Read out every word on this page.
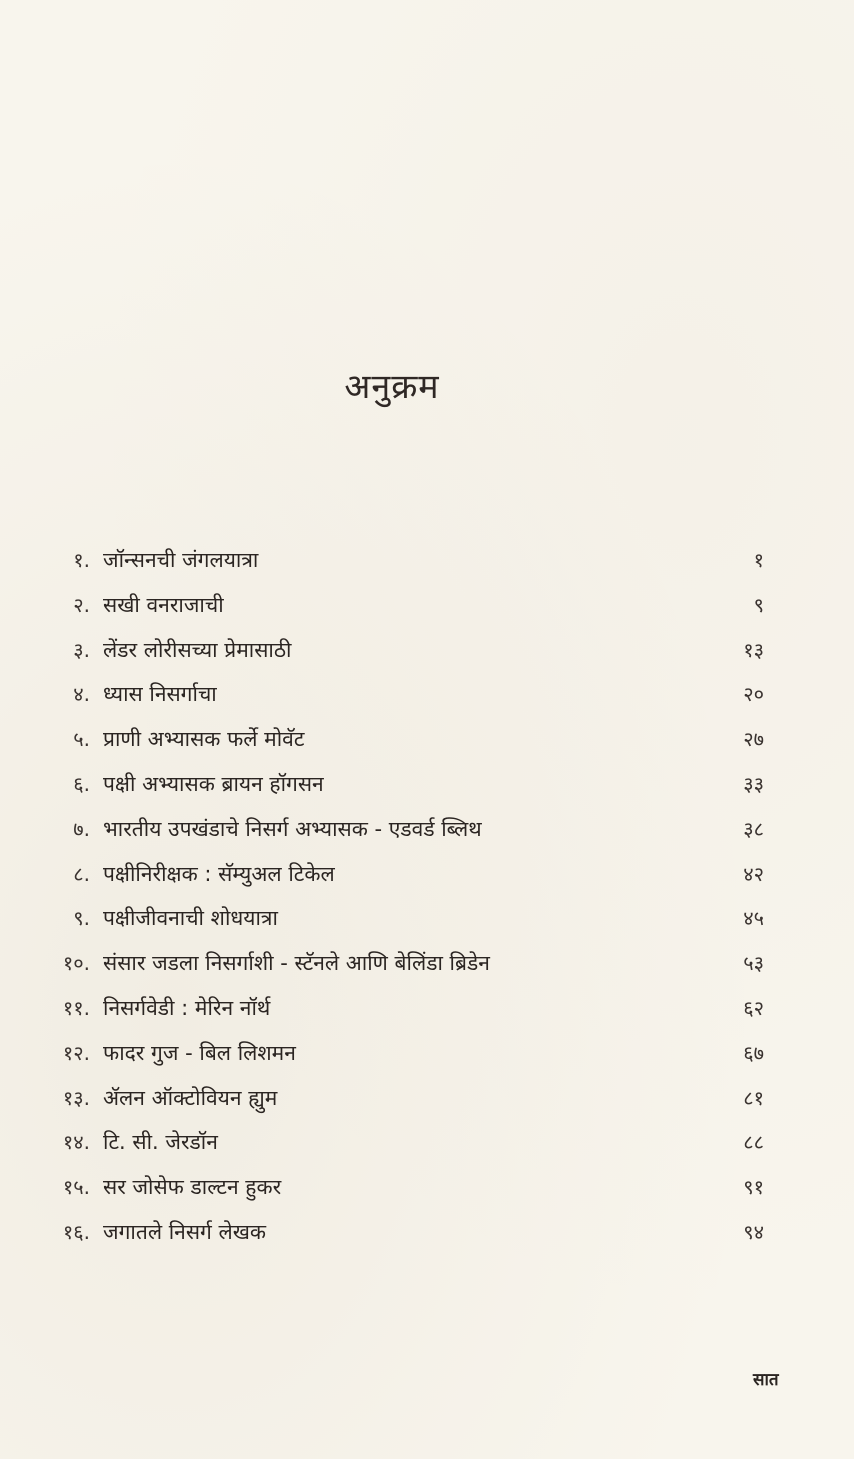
अनुक्रम
१. जॉन्सनची जंगलयात्रा	१
२. सखी वनराजाची	९
३. लेंडर लोरीसच्या प्रेमासाठी	१३
४. ध्यास निसर्गाचा	२०
५. प्राणी अभ्यासक फर्ले मोवॅट	२७
६. पक्षी अभ्यासक ब्रायन हॉगसन	३३
७. भारतीय उपखंडाचे निसर्ग अभ्यासक - एडवर्ड ब्लिथ	३८
८. पक्षीनिरीक्षक : सॅम्युअल टिकेल	४२
९. पक्षीजीवनाची शोधयात्रा	४५
१०. संसार जडला निसर्गाशी - स्टॅनले आणि बेलिंडा ब्रिडेन	५३
११. निसर्गवेडी : मेरिन नॉर्थ	६२
१२. फादर गुज - बिल लिशमन	६७
१३. ॲलन ऑक्टोवियन ह्युम	८१
१४. टि. सी. जेरडॉन	८८
१५. सर जोसेफ डाल्टन हुकर	९१
१६. जगातले निसर्ग लेखक	९४
सात
